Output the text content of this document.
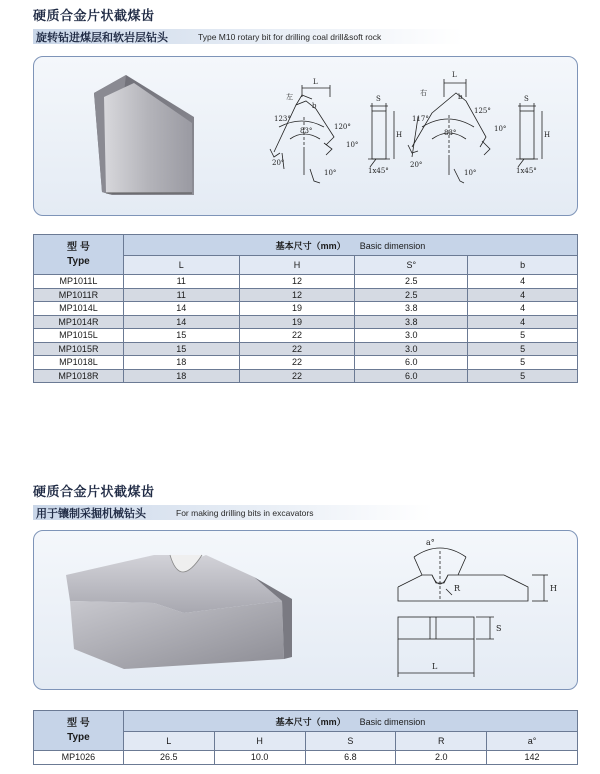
硬质合金片状截煤齿
旋转钻进煤层和软岩层钻头	Type M10 rotary bit for drilling coal drill&soft rock
左
L
b
123°
120°
10°
83°
20°
10°
S
H
1x45°
右
L
b
117°
125°
10°
83°
20°
10°
S
H
1x45°
型 号
Type	基本尺寸（mm） Basic dimension			
	L	H	S°	b
MP1011L	11	12	2.5	4
MP1011R	11	12	2.5	4
MP1014L	14	19	3.8	4
MP1014R	14	19	3.8	4
MP1015L	15	22	3.0	5
MP1015R	15	22	3.0	5
MP1018L	18	22	6.0	5
MP1018R	18	22	6.0	5
硬质合金片状截煤齿
用于镶制采掘机械钻头	For making drilling bits in excavators
a°
R	H
S
L
型 号
Type	基本尺寸（mm） Basic dimension				
	L	H	S	R	a°
MP1026	26.5	10.0	6.8	2.0	142
